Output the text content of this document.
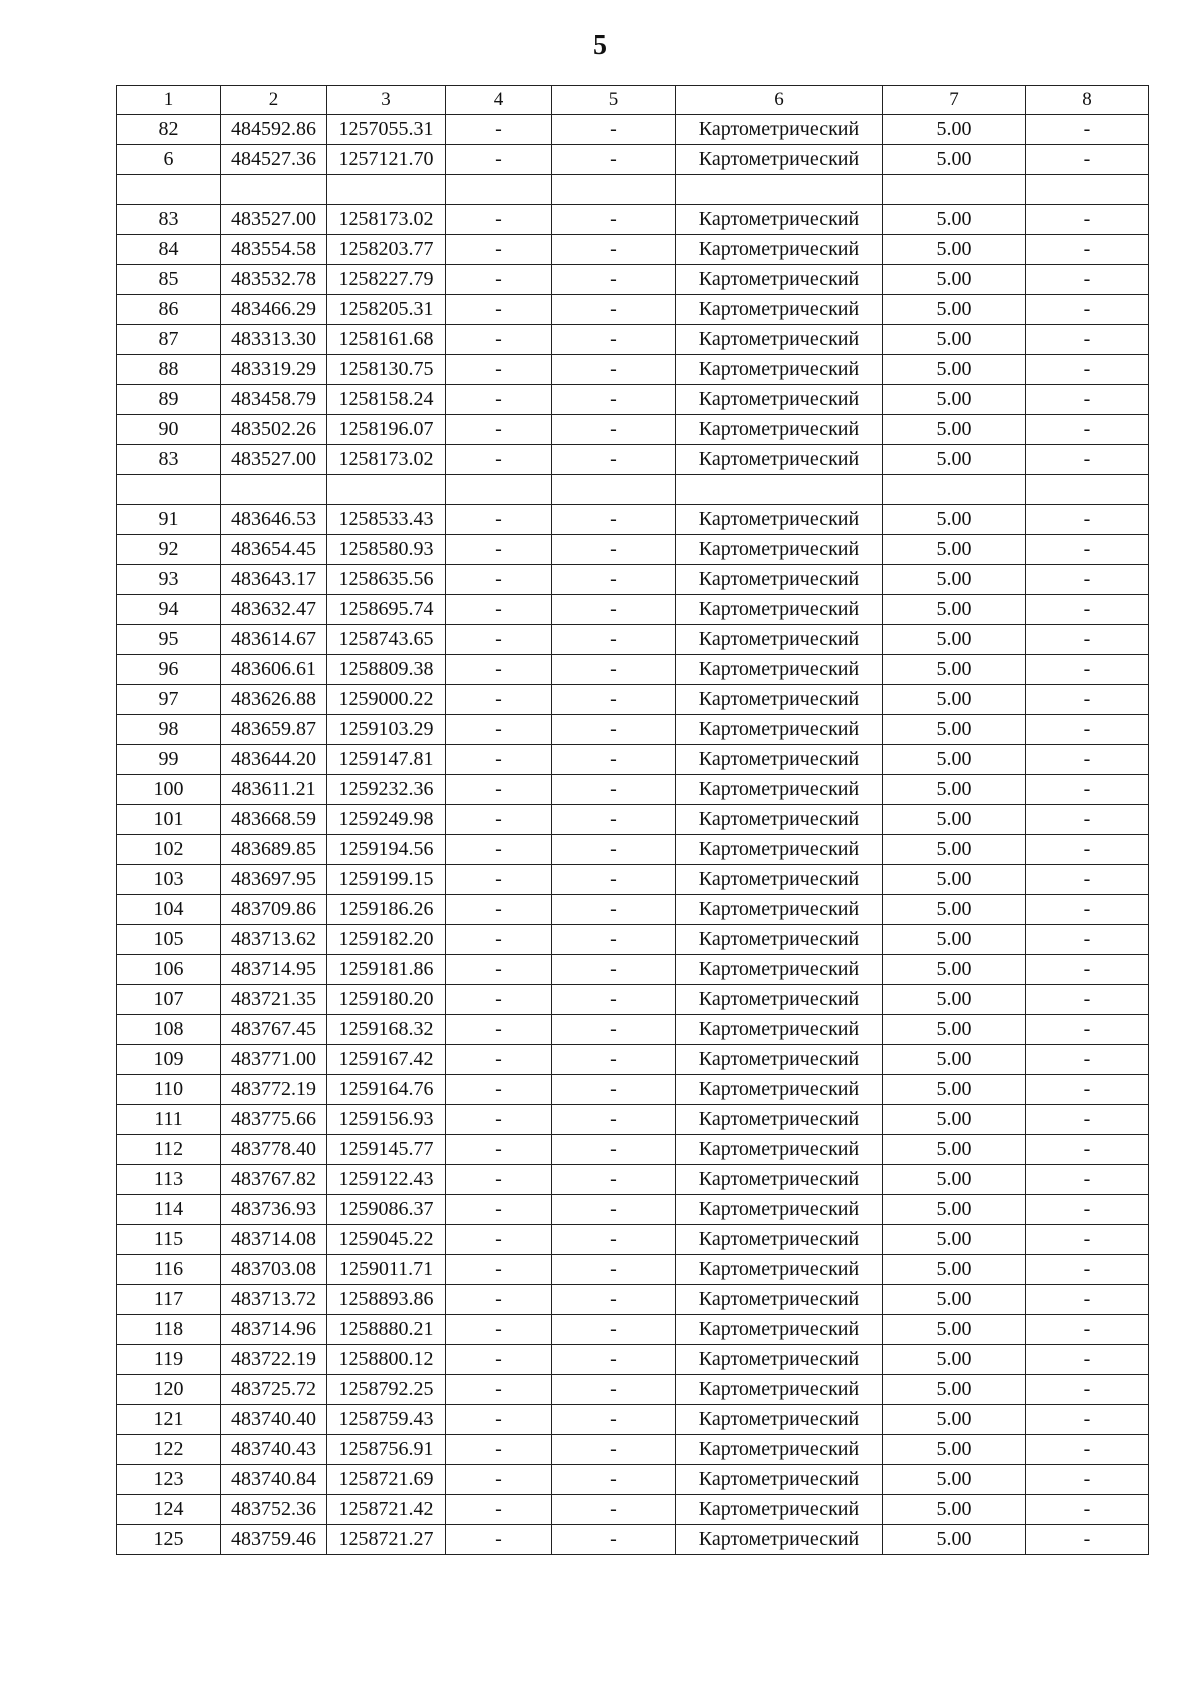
5
1	2	3	4	5	6	7	8
82	484592.86	1257055.31	-	-	Картометрический	5.00	-
6	484527.36	1257121.70	-	-	Картометрический	5.00	-

83	483527.00	1258173.02	-	-	Картометрический	5.00	-
84	483554.58	1258203.77	-	-	Картометрический	5.00	-
85	483532.78	1258227.79	-	-	Картометрический	5.00	-
86	483466.29	1258205.31	-	-	Картометрический	5.00	-
87	483313.30	1258161.68	-	-	Картометрический	5.00	-
88	483319.29	1258130.75	-	-	Картометрический	5.00	-
89	483458.79	1258158.24	-	-	Картометрический	5.00	-
90	483502.26	1258196.07	-	-	Картометрический	5.00	-
83	483527.00	1258173.02	-	-	Картометрический	5.00	-

91	483646.53	1258533.43	-	-	Картометрический	5.00	-
92	483654.45	1258580.93	-	-	Картометрический	5.00	-
93	483643.17	1258635.56	-	-	Картометрический	5.00	-
94	483632.47	1258695.74	-	-	Картометрический	5.00	-
95	483614.67	1258743.65	-	-	Картометрический	5.00	-
96	483606.61	1258809.38	-	-	Картометрический	5.00	-
97	483626.88	1259000.22	-	-	Картометрический	5.00	-
98	483659.87	1259103.29	-	-	Картометрический	5.00	-
99	483644.20	1259147.81	-	-	Картометрический	5.00	-
100	483611.21	1259232.36	-	-	Картометрический	5.00	-
101	483668.59	1259249.98	-	-	Картометрический	5.00	-
102	483689.85	1259194.56	-	-	Картометрический	5.00	-
103	483697.95	1259199.15	-	-	Картометрический	5.00	-
104	483709.86	1259186.26	-	-	Картометрический	5.00	-
105	483713.62	1259182.20	-	-	Картометрический	5.00	-
106	483714.95	1259181.86	-	-	Картометрический	5.00	-
107	483721.35	1259180.20	-	-	Картометрический	5.00	-
108	483767.45	1259168.32	-	-	Картометрический	5.00	-
109	483771.00	1259167.42	-	-	Картометрический	5.00	-
110	483772.19	1259164.76	-	-	Картометрический	5.00	-
111	483775.66	1259156.93	-	-	Картометрический	5.00	-
112	483778.40	1259145.77	-	-	Картометрический	5.00	-
113	483767.82	1259122.43	-	-	Картометрический	5.00	-
114	483736.93	1259086.37	-	-	Картометрический	5.00	-
115	483714.08	1259045.22	-	-	Картометрический	5.00	-
116	483703.08	1259011.71	-	-	Картометрический	5.00	-
117	483713.72	1258893.86	-	-	Картометрический	5.00	-
118	483714.96	1258880.21	-	-	Картометрический	5.00	-
119	483722.19	1258800.12	-	-	Картометрический	5.00	-
120	483725.72	1258792.25	-	-	Картометрический	5.00	-
121	483740.40	1258759.43	-	-	Картометрический	5.00	-
122	483740.43	1258756.91	-	-	Картометрический	5.00	-
123	483740.84	1258721.69	-	-	Картометрический	5.00	-
124	483752.36	1258721.42	-	-	Картометрический	5.00	-
125	483759.46	1258721.27	-	-	Картометрический	5.00	-
